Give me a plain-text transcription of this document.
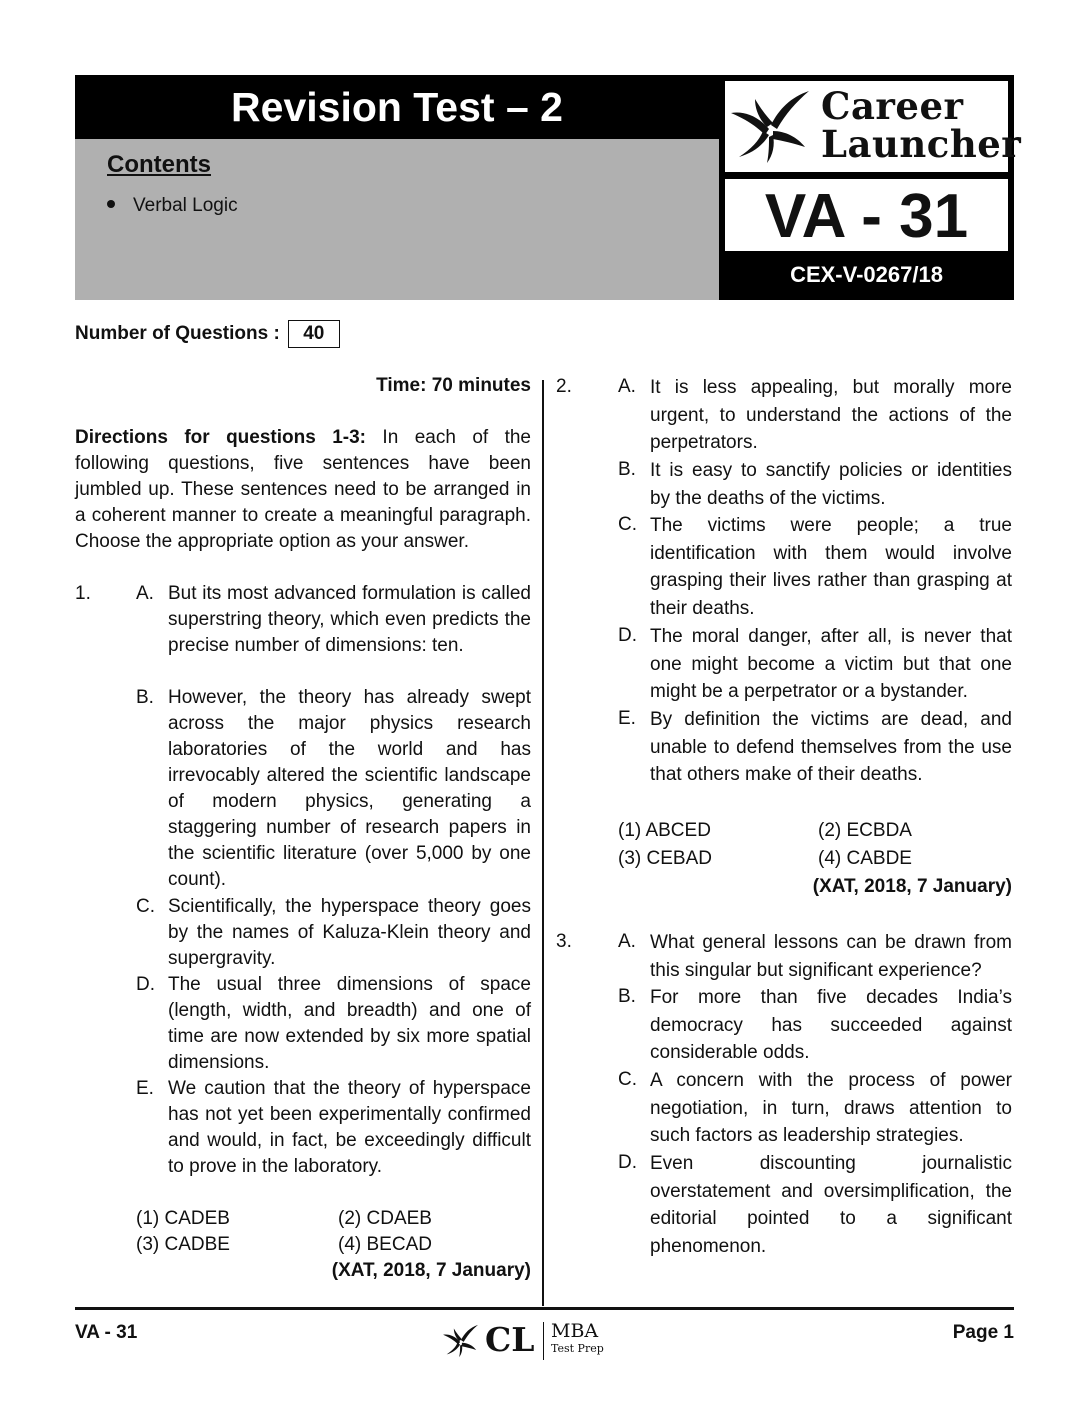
Revision Test – 2
Contents
Verbal Logic
Career
Launcher
VA - 31
CEX-V-0267/18
Number of Questions : 40
Time: 70 minutes
Directions for questions 1-3: In each of the following questions, five sentences have been jumbled up. These sentences need to be arranged in a coherent manner to create a meaningful paragraph. Choose the appropriate option as your answer.
1. A. But its most advanced formulation is called superstring theory, which even predicts the precise number of dimensions: ten.
B. However, the theory has already swept across the major physics research laboratories of the world and has irrevocably altered the scientific landscape of modern physics, generating a staggering number of research papers in the scientific literature (over 5,000 by one count).
C. Scientifically, the hyperspace theory goes by the names of Kaluza-Klein theory and supergravity.
D. The usual three dimensions of space (length, width, and breadth) and one of time are now extended by six more spatial dimensions.
E. We caution that the theory of hyperspace has not yet been experimentally confirmed and would, in fact, be exceedingly difficult to prove in the laboratory.
(1) CADEB	(2) CDAEB
(3) CADBE	(4) BECAD
(XAT, 2018, 7 January)
2. A. It is less appealing, but morally more urgent, to understand the actions of the perpetrators.
B. It is easy to sanctify policies or identities by the deaths of the victims.
C. The victims were people; a true identification with them would involve grasping their lives rather than grasping at their deaths.
D. The moral danger, after all, is never that one might become a victim but that one might be a perpetrator or a bystander.
E. By definition the victims are dead, and unable to defend themselves from the use that others make of their deaths.
(1) ABCED	(2) ECBDA
(3) CEBAD	(4) CABDE
(XAT, 2018, 7 January)
3. A. What general lessons can be drawn from this singular but significant experience?
B. For more than five decades India’s democracy has succeeded against considerable odds.
C. A concern with the process of power negotiation, in turn, draws attention to such factors as leadership strategies.
D. Even discounting journalistic overstatement and oversimplification, the editorial pointed to a significant phenomenon.
VA - 31	CL MBA
Test Prep
Page 1
